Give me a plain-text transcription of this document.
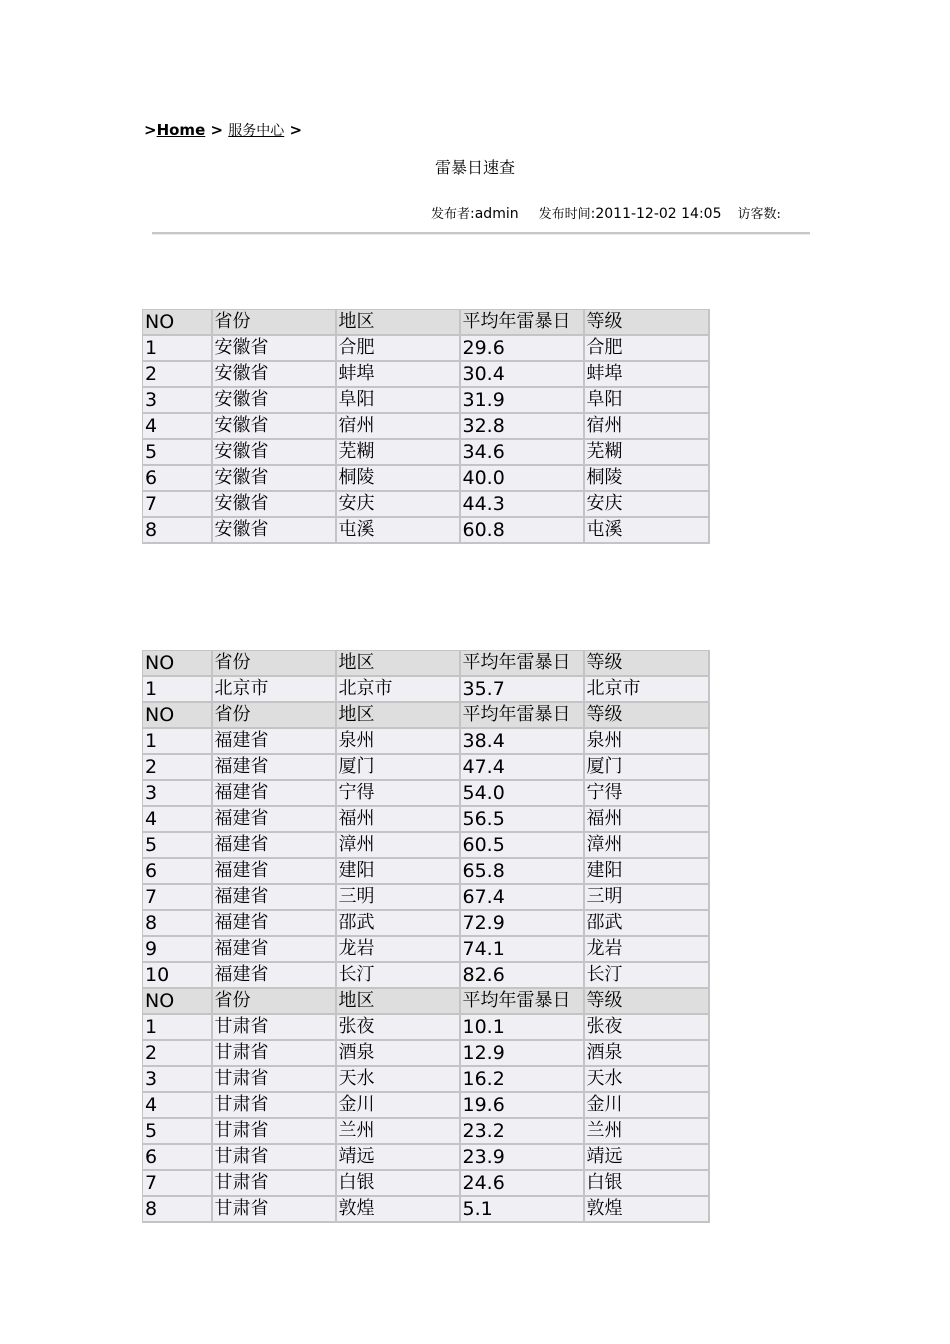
>Home > 服务中心 >
雷暴日速查
发布者:admin 发布时间:2011-12-02 14:05 访客数:
NO	省份	地区	平均年雷暴日	等级
1	安徽省	合肥	29.6	合肥
2	安徽省	蚌埠	30.4	蚌埠
3	安徽省	阜阳	31.9	阜阳
4	安徽省	宿州	32.8	宿州
5	安徽省	芜糊	34.6	芜糊
6	安徽省	桐陵	40.0	桐陵
7	安徽省	安庆	44.3	安庆
8	安徽省	屯溪	60.8	屯溪
NO	省份	地区	平均年雷暴日	等级
1	北京市	北京市	35.7	北京市
NO	省份	地区	平均年雷暴日	等级
1	福建省	泉州	38.4	泉州
2	福建省	厦门	47.4	厦门
3	福建省	宁得	54.0	宁得
4	福建省	福州	56.5	福州
5	福建省	漳州	60.5	漳州
6	福建省	建阳	65.8	建阳
7	福建省	三明	67.4	三明
8	福建省	邵武	72.9	邵武
9	福建省	龙岩	74.1	龙岩
10	福建省	长汀	82.6	长汀
NO	省份	地区	平均年雷暴日	等级
1	甘肃省	张夜	10.1	张夜
2	甘肃省	酒泉	12.9	酒泉
3	甘肃省	天水	16.2	天水
4	甘肃省	金川	19.6	金川
5	甘肃省	兰州	23.2	兰州
6	甘肃省	靖远	23.9	靖远
7	甘肃省	白银	24.6	白银
8	甘肃省	敦煌	5.1	敦煌
